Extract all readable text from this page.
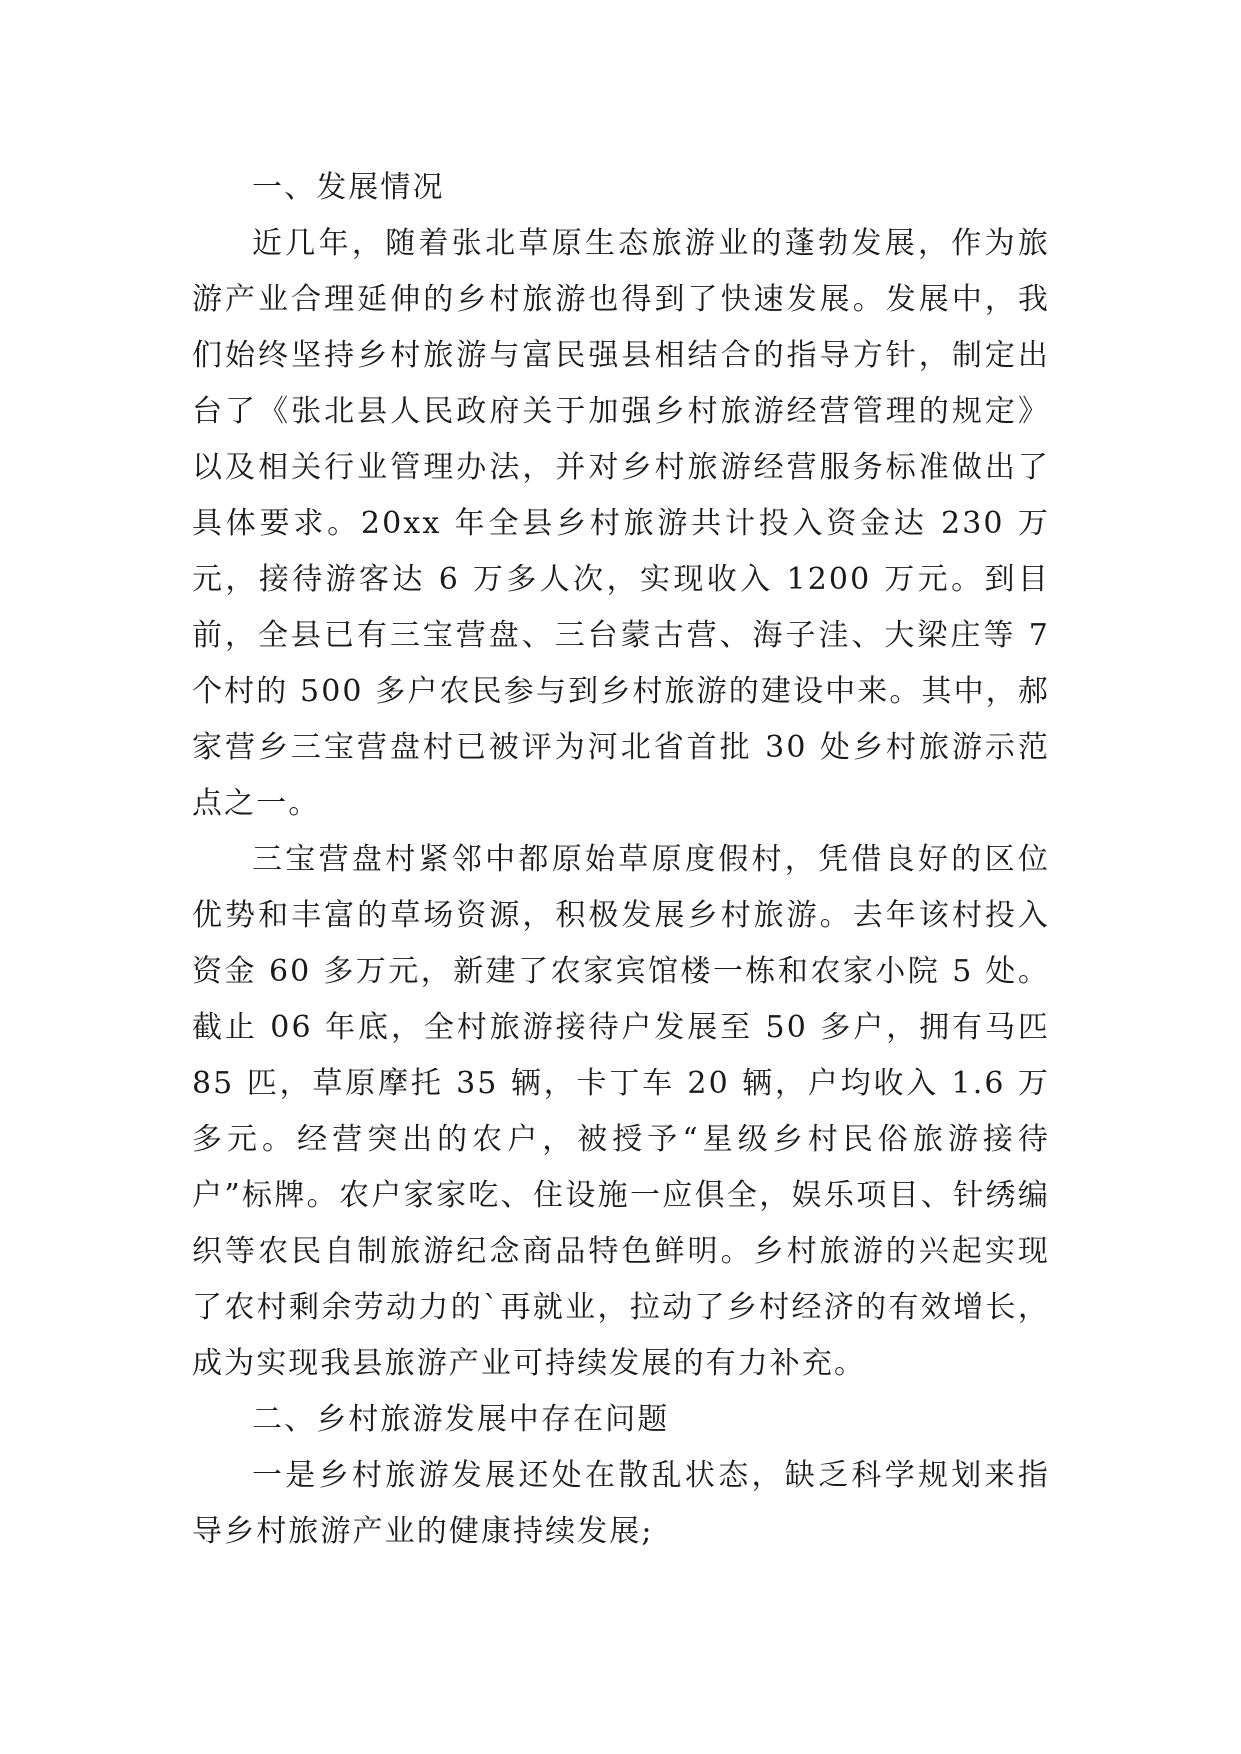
一、发展情况

近几年，随着张北草原生态旅游业的蓬勃发展，作为旅游产业合理延伸的乡村旅游也得到了快速发展。发展中，我们始终坚持乡村旅游与富民强县相结合的指导方针，制定出台了《张北县人民政府关于加强乡村旅游经营管理的规定》以及相关行业管理办法，并对乡村旅游经营服务标准做出了具体要求。20xx 年全县乡村旅游共计投入资金达 230 万元，接待游客达 6 万多人次，实现收入 1200 万元。到目前，全县已有三宝营盘、三台蒙古营、海子洼、大梁庄等 7 个村的 500 多户农民参与到乡村旅游的建设中来。其中，郝家营乡三宝营盘村已被评为河北省首批 30 处乡村旅游示范点之一。

三宝营盘村紧邻中都原始草原度假村，凭借良好的区位优势和丰富的草场资源，积极发展乡村旅游。去年该村投入资金 60 多万元，新建了农家宾馆楼一栋和农家小院 5 处。截止 06 年底，全村旅游接待户发展至 50 多户，拥有马匹 85 匹，草原摩托 35 辆，卡丁车 20 辆，户均收入 1.6 万多元。经营突出的农户，被授予“星级乡村民俗旅游接待户”标牌。农户家家吃、住设施一应俱全，娱乐项目、针绣编织等农民自制旅游纪念商品特色鲜明。乡村旅游的兴起实现了农村剩余劳动力的`再就业，拉动了乡村经济的有效增长，成为实现我县旅游产业可持续发展的有力补充。

二、乡村旅游发展中存在问题

一是乡村旅游发展还处在散乱状态，缺乏科学规划来指导乡村旅游产业的健康持续发展;
